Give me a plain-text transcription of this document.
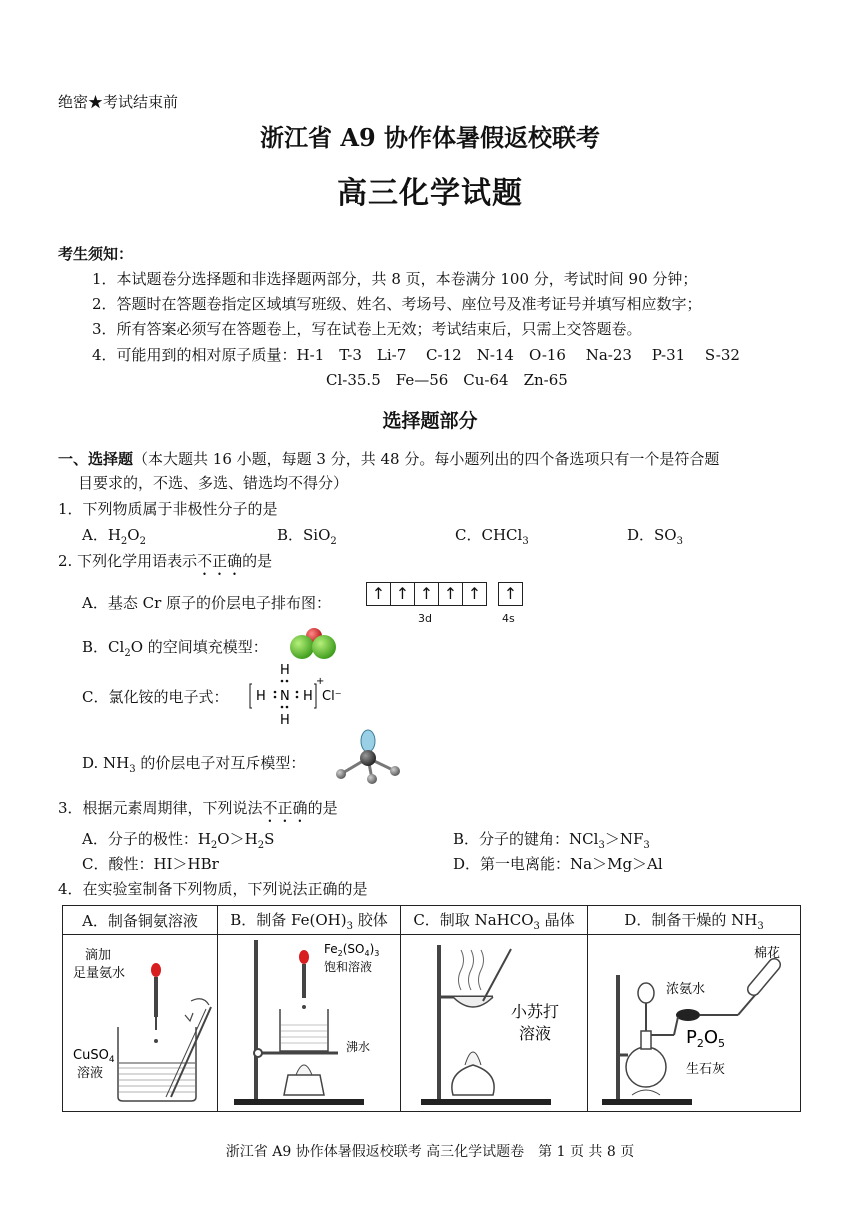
绝密★考试结束前
浙江省 A9 协作体暑假返校联考
高三化学试题
考生须知：
1．本试题卷分选择题和非选择题两部分，共 8 页，本卷满分 100 分，考试时间 90 分钟；
2．答题时在答题卷指定区域填写班级、姓名、考场号、座位号及准考证号并填写相应数字；
3．所有答案必须写在答题卷上，写在试卷上无效；考试结束后，只需上交答题卷。
4．可能用到的相对原子质量：H-1　T-3　Li-7　 C-12　N-14　O-16　 Na-23　 P-31　 S-32
Cl-35.5　Fe—56　Cu-64　Zn-65
选择题部分
一、选择题（本大题共 16 小题，每题 3 分，共 48 分。每小题列出的四个备选项只有一个是符合题
目要求的，不选、多选、错选均不得分）
1．下列物质属于非极性分子的是
A．$H_2O_2$	B．SiO$_2$	C．CHCl$_3$	D．$SO_3$
2. 下列化学用语表示不正确的是
A．基态 Cr 原子的价层电子排布图：	↑ ↑ ↑ ↑ ↑	↑
3d	4s
B．$Cl_2O$ 的空间填充模型：
C．氯化铵的电子式：
H
H N H
H
+
Cl⁻
D. $NH_3$ 的价层电子对互斥模型：
3．根据元素周期律，下列说法不正确的是
A．分子的极性：$H_2O>H_2S$	B．分子的键角：$NCl_3>NF_3$
C．酸性：HI＞HBr	D．第一电离能：Na＞Mg＞Al
4．在实验室制备下列物质，下列说法正确的是
A．制备铜氨溶液	B．制备 $Fe(OH)_3$ 胶体	C．制取 NaHCO$_3$ 晶体	D．制备干燥的 $NH_3$

滴加
足量氨水
CuSO$_4$
溶液	$Fe_2(SO_4)_3$
饱和溶液
沸水	小苏打
溶液	浓氨水
棉花
$P_2O_5$
生石灰
浙江省 A9 协作体暑假返校联考 高三化学试题卷　第 1 页 共 8 页
